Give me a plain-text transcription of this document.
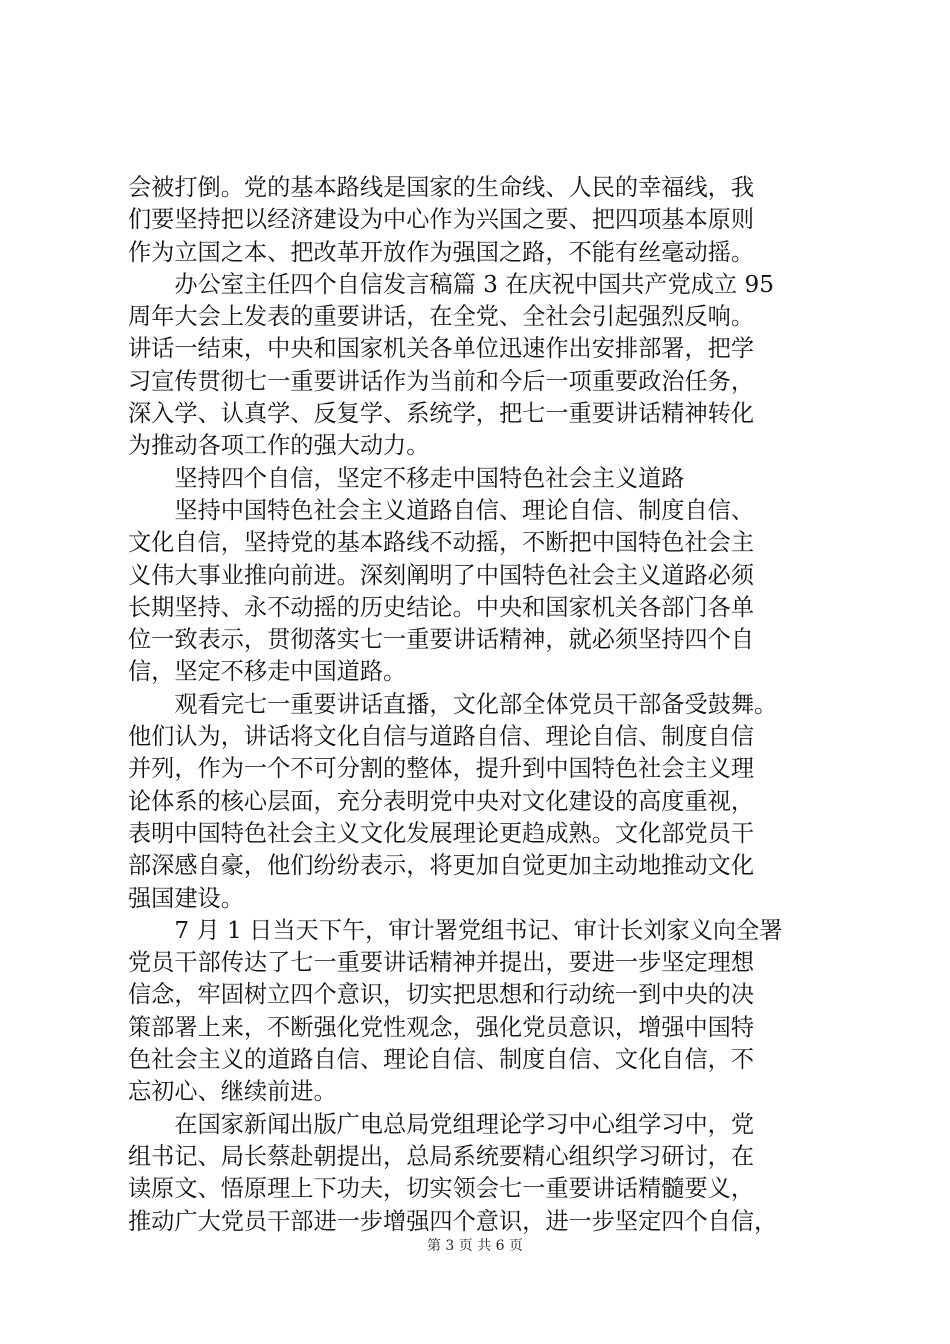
会被打倒。党的基本路线是国家的生命线、人民的幸福线，我
们要坚持把以经济建设为中心作为兴国之要、把四项基本原则
作为立国之本、把改革开放作为强国之路，不能有丝毫动摇。
　　办公室主任四个自信发言稿篇 3 在庆祝中国共产党成立 95
周年大会上发表的重要讲话，在全党、全社会引起强烈反响。
讲话一结束，中央和国家机关各单位迅速作出安排部署，把学
习宣传贯彻七一重要讲话作为当前和今后一项重要政治任务，
深入学、认真学、反复学、系统学，把七一重要讲话精神转化
为推动各项工作的强大动力。
　　坚持四个自信，坚定不移走中国特色社会主义道路
　　坚持中国特色社会主义道路自信、理论自信、制度自信、
文化自信，坚持党的基本路线不动摇，不断把中国特色社会主
义伟大事业推向前进。深刻阐明了中国特色社会主义道路必须
长期坚持、永不动摇的历史结论。中央和国家机关各部门各单
位一致表示，贯彻落实七一重要讲话精神，就必须坚持四个自
信，坚定不移走中国道路。
　　观看完七一重要讲话直播，文化部全体党员干部备受鼓舞。
他们认为，讲话将文化自信与道路自信、理论自信、制度自信
并列，作为一个不可分割的整体，提升到中国特色社会主义理
论体系的核心层面，充分表明党中央对文化建设的高度重视，
表明中国特色社会主义文化发展理论更趋成熟。文化部党员干
部深感自豪，他们纷纷表示，将更加自觉更加主动地推动文化
强国建设。
　　7 月 1 日当天下午，审计署党组书记、审计长刘家义向全署
党员干部传达了七一重要讲话精神并提出，要进一步坚定理想
信念，牢固树立四个意识，切实把思想和行动统一到中央的决
策部署上来，不断强化党性观念，强化党员意识，增强中国特
色社会主义的道路自信、理论自信、制度自信、文化自信，不
忘初心、继续前进。
　　在国家新闻出版广电总局党组理论学习中心组学习中，党
组书记、局长蔡赴朝提出，总局系统要精心组织学习研讨，在
读原文、悟原理上下功夫，切实领会七一重要讲话精髓要义，
推动广大党员干部进一步增强四个意识，进一步坚定四个自信，
第 3 页 共 6 页
